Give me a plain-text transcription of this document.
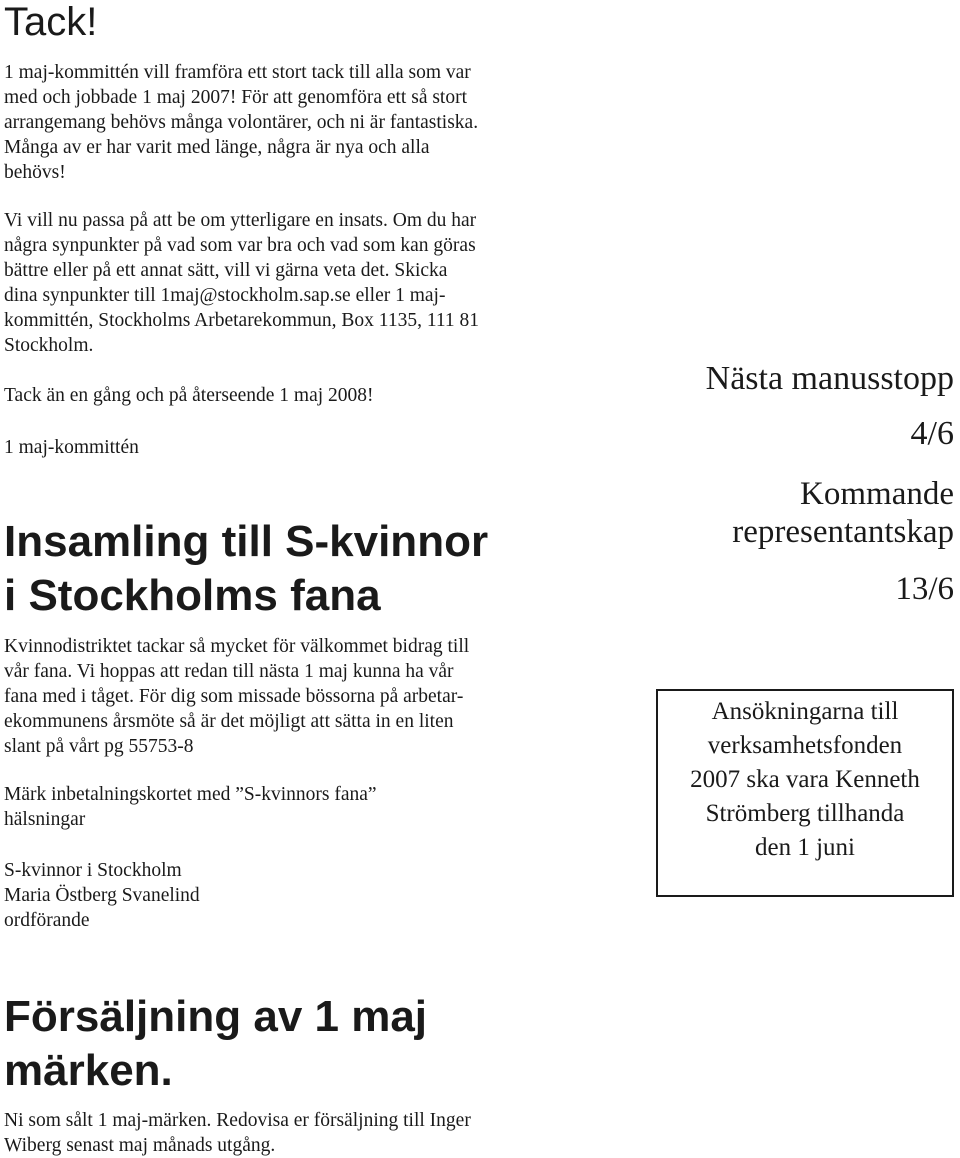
Tack!

1 maj-kommittén vill framföra ett stort tack till alla som var med och jobbade 1 maj 2007! För att genomföra ett så stort arrangemang behövs många volontärer, och ni är fantastiska. Många av er har varit med länge, några är nya och alla behövs!

Vi vill nu passa på att be om ytterligare en insats. Om du har några synpunkter på vad som var bra och vad som kan göras bättre eller på ett annat sätt, vill vi gärna veta det. Skicka dina synpunkter till 1maj@stockholm.sap.se eller 1 maj-kommittén, Stockholms Arbetarekommun, Box 1135, 111 81 Stockholm.

Tack än en gång och på återseende 1 maj 2008!

1 maj-kommittén

Insamling till S-kvinnor
i Stockholms fana

Kvinnodistriktet tackar så mycket för välkommet bidrag till vår fana. Vi hoppas att redan till nästa 1 maj kunna ha vår fana med i tåget. För dig som missade bössorna på arbetar-ekommunens årsmöte så är det möjligt att sätta in en liten slant på vårt pg 55753-8

Märk inbetalningskortet med ”S-kvinnors fana”
hälsningar

S-kvinnor i Stockholm
Maria Östberg Svanelind
ordförande

Nästa manusstopp
4/6
Kommande
representantskap
13/6
Ansökningarna till
verksamhetsfonden
2007 ska vara Kenneth
Strömberg tillhanda
den 1 juni
Försäljning av 1 maj
märken.

Ni som sålt 1 maj-märken. Redovisa er försäljning till Inger Wiberg senast maj månads utgång.
